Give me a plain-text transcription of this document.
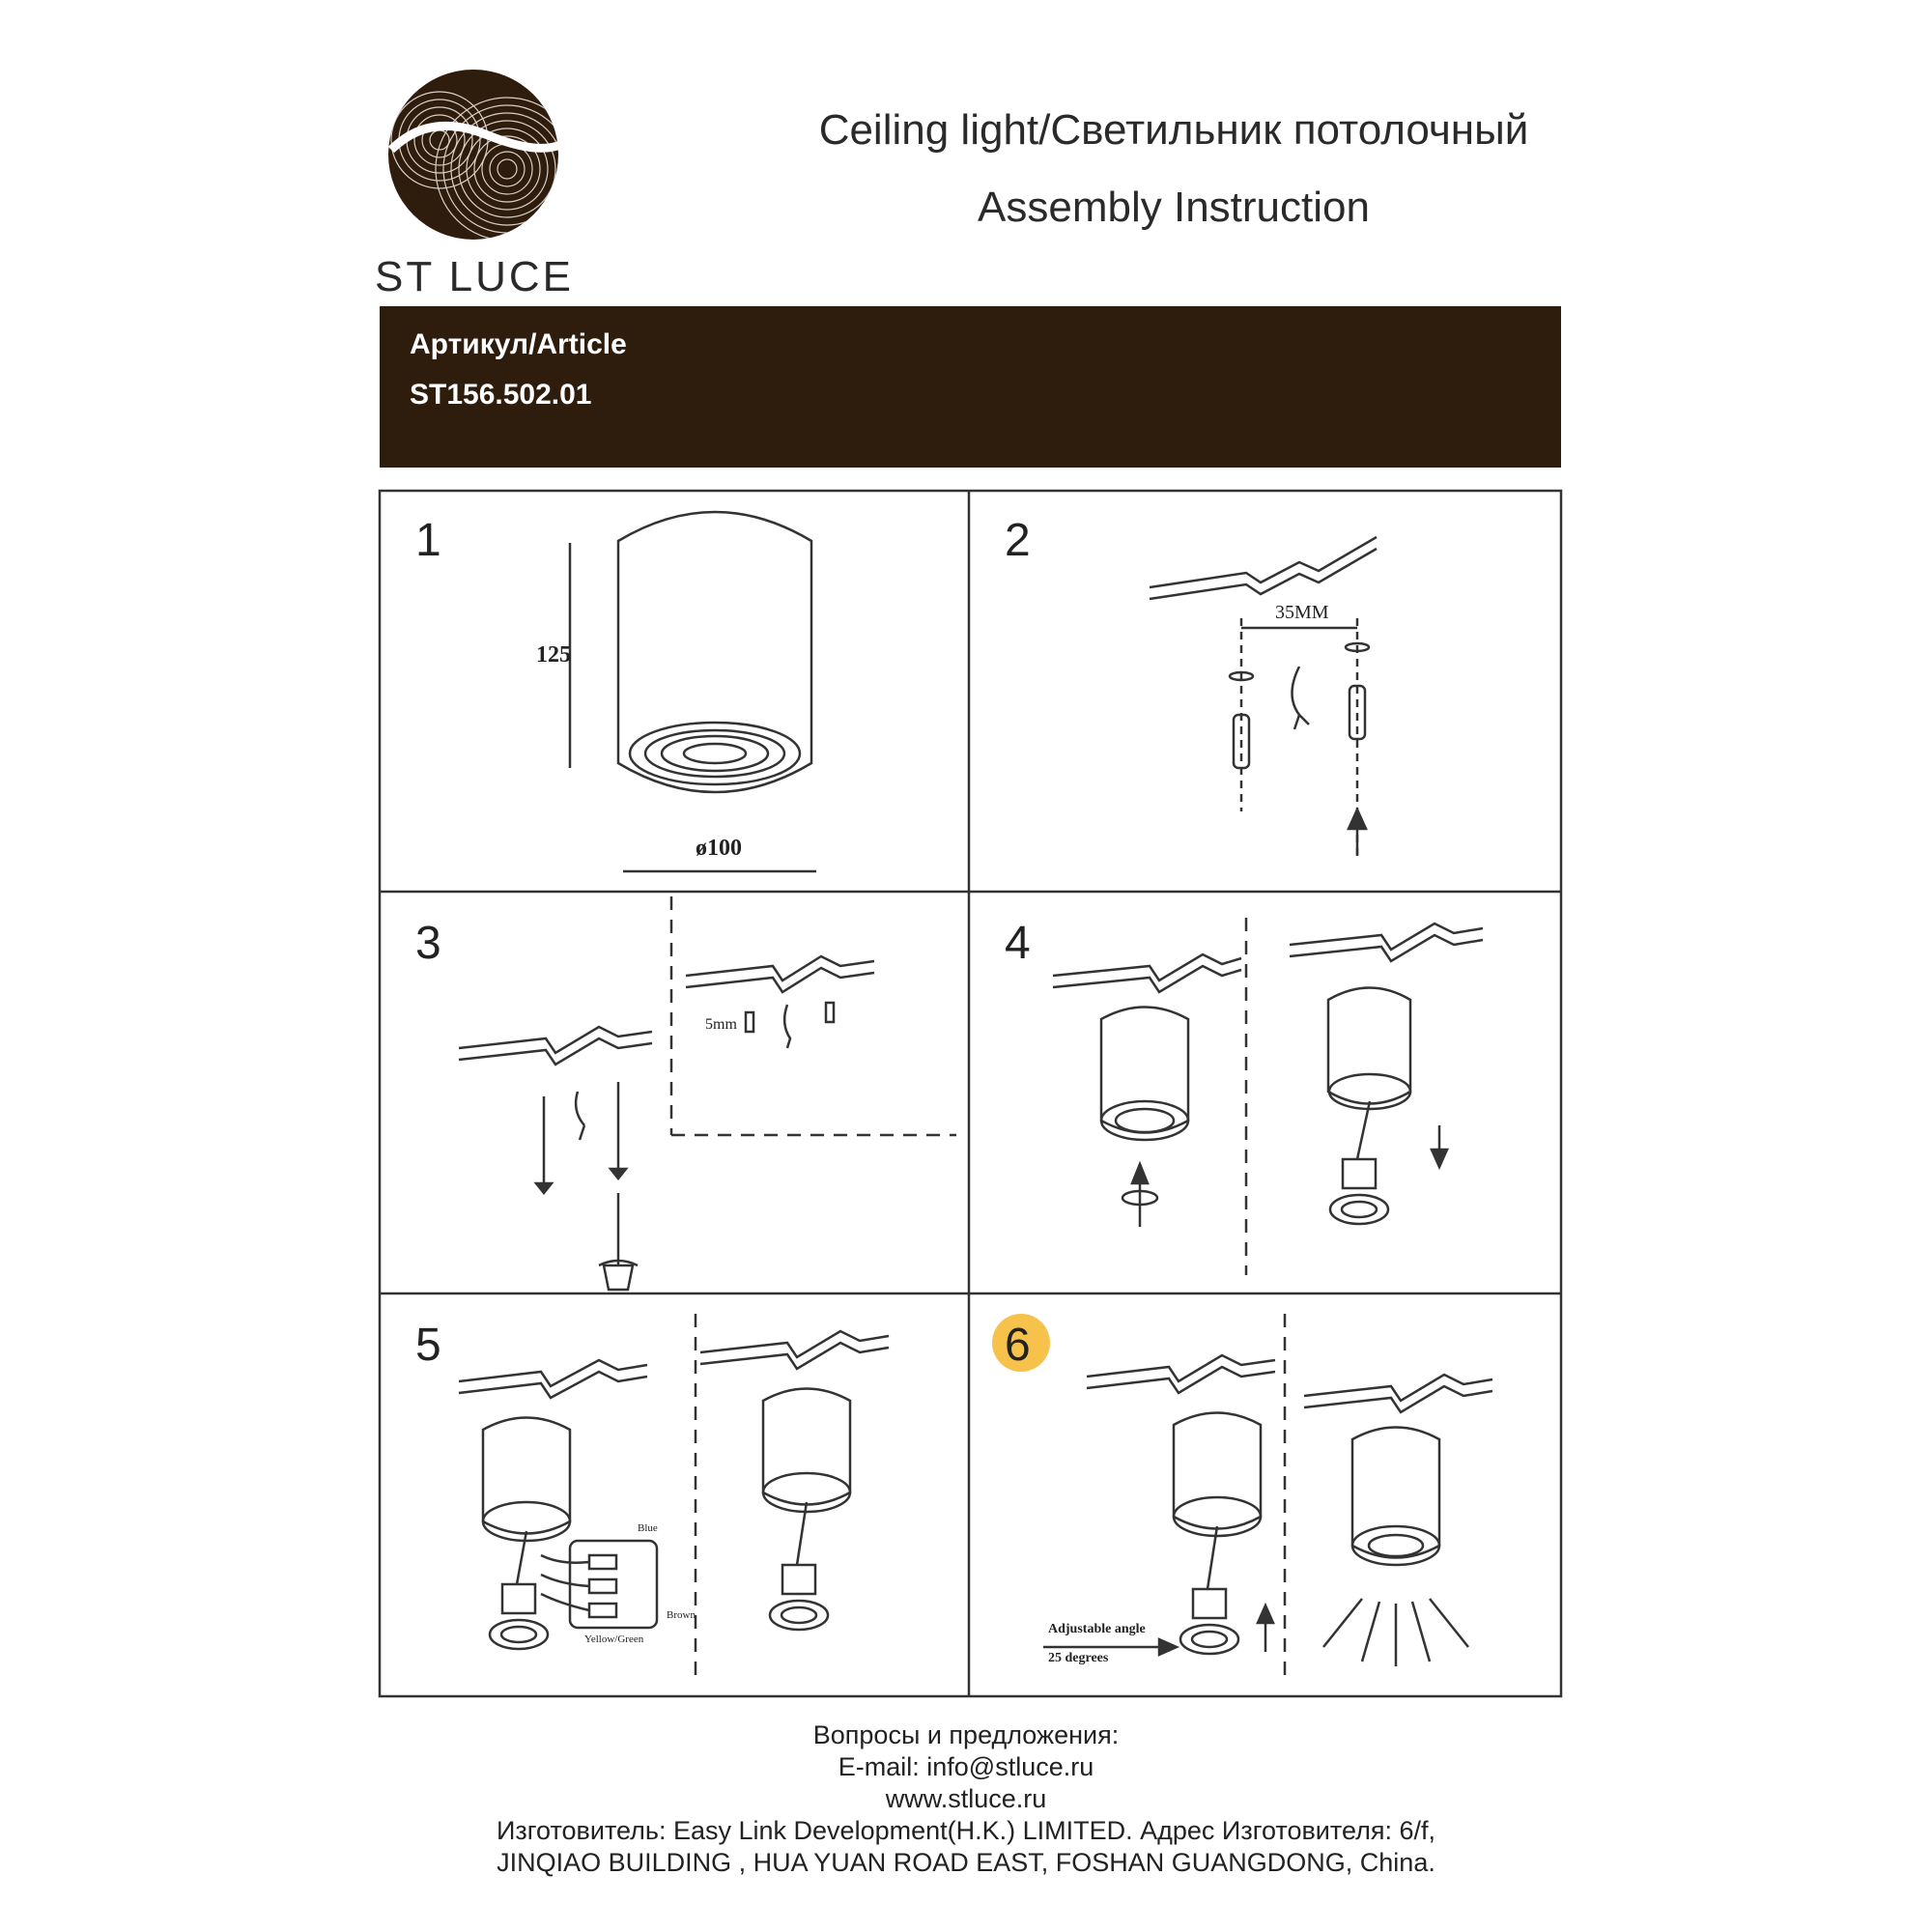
ST LUCE
Ceiling light/Светильник потолочный
Assembly Instruction
Артикул/Article
ST156.502.01
1	2
3	4
5	6
125
ø100
35MM
5mm
Blue
Brown
Yellow/Green
Adjustable angle
25 degrees
Вопросы и предложения:
E-mail: info@stluce.ru
www.stluce.ru
Изготовитель: Easy Link Development(H.K.) LIMITED. Адрес Изготовителя: 6/f,
JINQIAO BUILDING , HUA YUAN ROAD EAST, FOSHAN GUANGDONG, China.
